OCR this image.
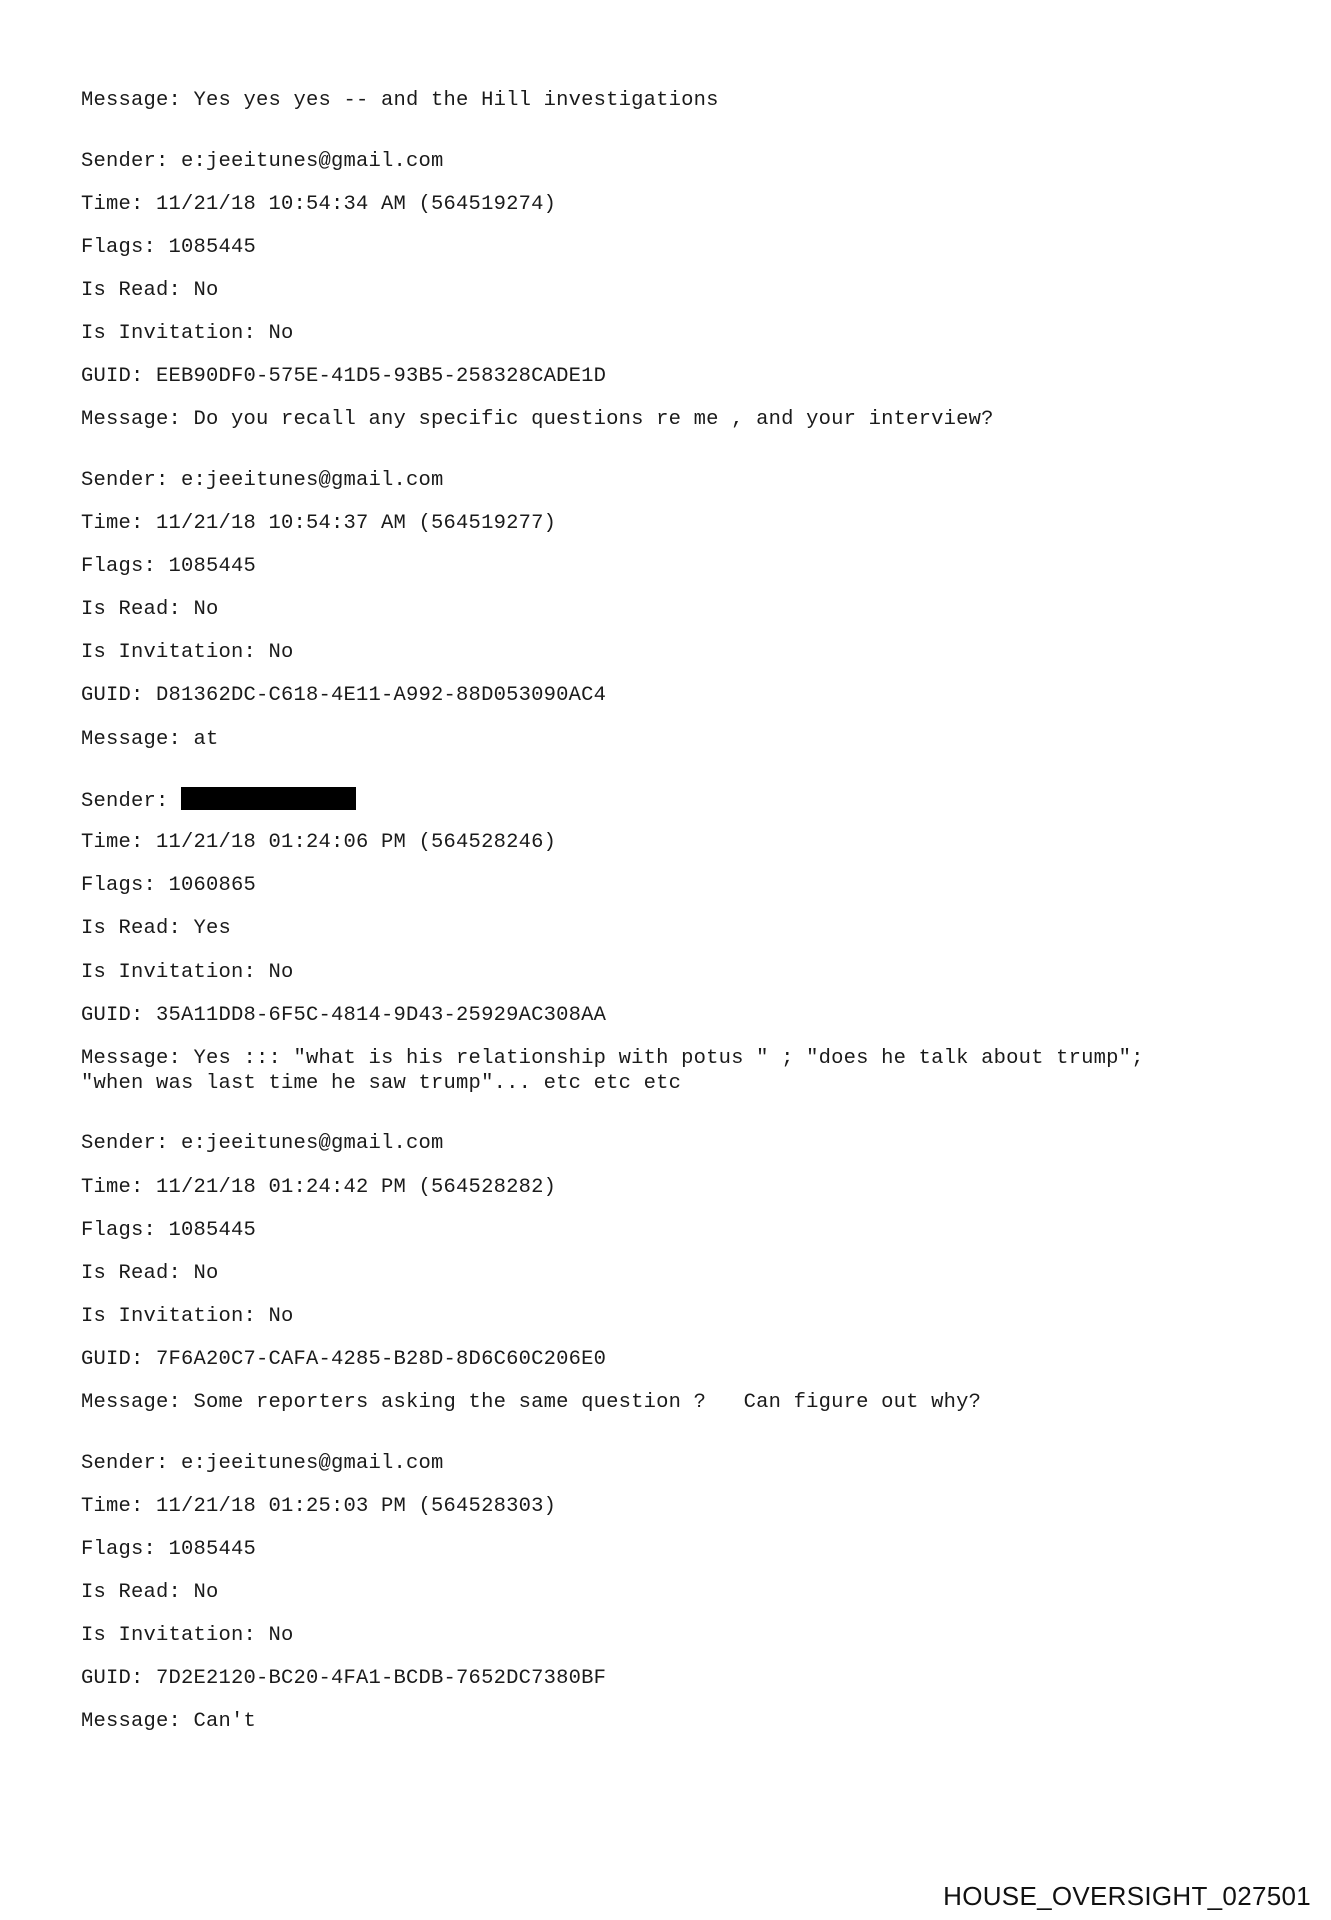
Message: Yes yes yes -- and the Hill investigations
Sender: e:jeeitunes@gmail.com
Time: 11/21/18 10:54:34 AM (564519274)
Flags: 1085445
Is Read: No
Is Invitation: No
GUID: EEB90DF0-575E-41D5-93B5-258328CADE1D
Message: Do you recall any specific questions re me , and your interview?
Sender: e:jeeitunes@gmail.com
Time: 11/21/18 10:54:37 AM (564519277)
Flags: 1085445
Is Read: No
Is Invitation: No
GUID: D81362DC-C618-4E11-A992-88D053090AC4
Message: at
Sender:
Time: 11/21/18 01:24:06 PM (564528246)
Flags: 1060865
Is Read: Yes
Is Invitation: No
GUID: 35A11DD8-6F5C-4814-9D43-25929AC308AA
Message: Yes ::: "what is his relationship with potus " ; "does he talk about trump";
"when was last time he saw trump"... etc etc etc
Sender: e:jeeitunes@gmail.com
Time: 11/21/18 01:24:42 PM (564528282)
Flags: 1085445
Is Read: No
Is Invitation: No
GUID: 7F6A20C7-CAFA-4285-B28D-8D6C60C206E0
Message: Some reporters asking the same question ?   Can figure out why?
Sender: e:jeeitunes@gmail.com
Time: 11/21/18 01:25:03 PM (564528303)
Flags: 1085445
Is Read: No
Is Invitation: No
GUID: 7D2E2120-BC20-4FA1-BCDB-7652DC7380BF
Message: Can't
HOUSE_OVERSIGHT_027501
